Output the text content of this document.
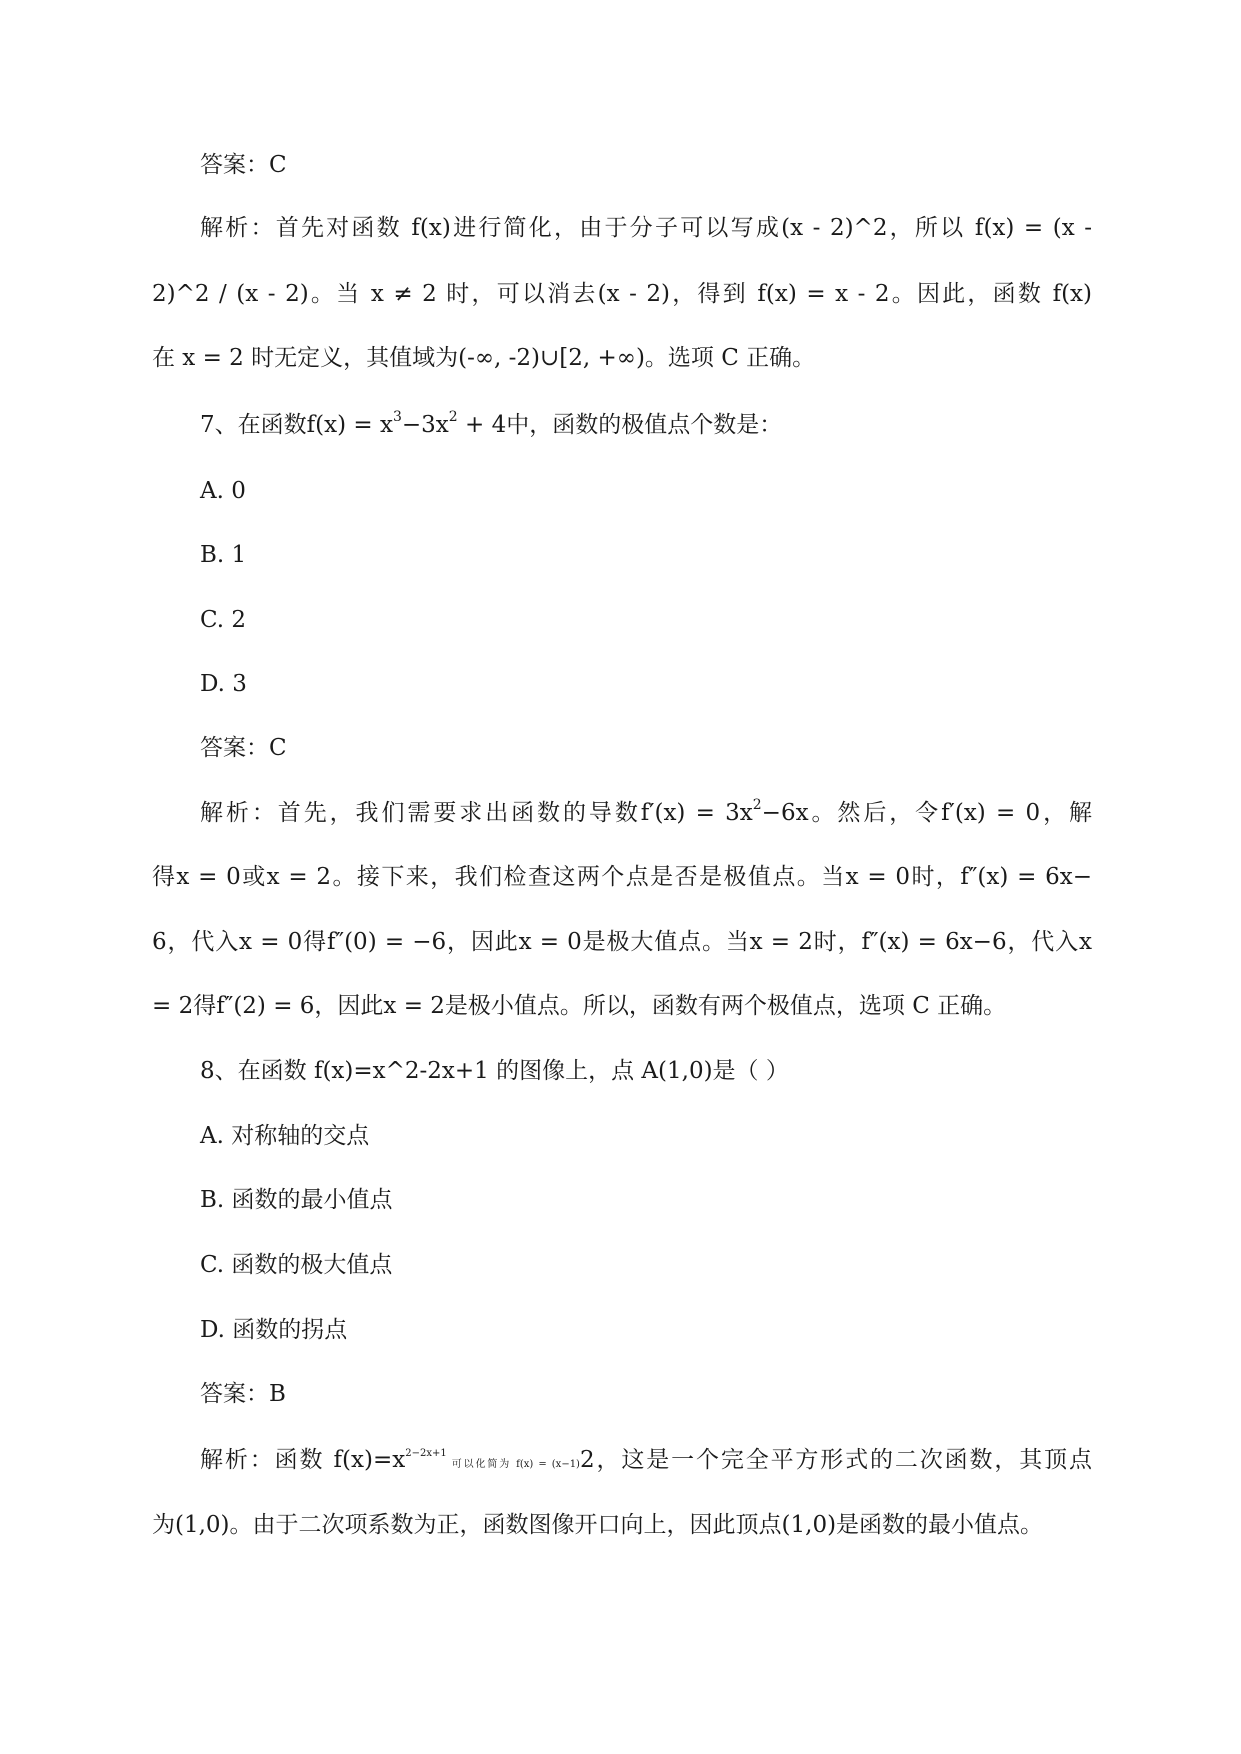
答案：C
解析：首先对函数 f(x)进行简化，由于分子可以写成(x - 2)^2，所以 f(x) = (x -
2)^2 / (x - 2)。当 x ≠ 2 时，可以消去(x - 2)，得到 f(x) = x - 2。因此，函数 f(x)
在 x = 2 时无定义，其值域为(-∞, -2)∪[2, +∞)。选项 C 正确。
7、在函数$f(x) = x^3-3x^2 + 4$中，函数的极值点个数是：
A. 0
B. 1
C. 2
D. 3
答案：C
解析：首先，我们需要求出函数的导数$f'(x) = 3x^2-6x$。然后，令f′(x) = 0，解
得x = 0或x = 2。接下来，我们检查这两个点是否是极值点。当x = 0时，f″(x) = 6x−
6，代入x = 0得f″(0) = −6，因此x = 0是极大值点。当x = 2时，f″(x) = 6x−6，代入x
= 2得f″(2) = 6，因此x = 2是极小值点。所以，函数有两个极值点，选项 C 正确。
8、在函数 f(x)=x^2-2x+1 的图像上，点 A(1,0)是（ ）
A. 对称轴的交点
B. 函数的最小值点
C. 函数的极大值点
D. 函数的拐点
答案：B
解析：函数 $f(x)=x^{2-2x+1}$ 可以化简为 f(x) = (x−1)2，这是一个完全平方形式的二次函数，其顶点
为(1,0)。由于二次项系数为正，函数图像开口向上，因此顶点(1,0)是函数的最小值点。
